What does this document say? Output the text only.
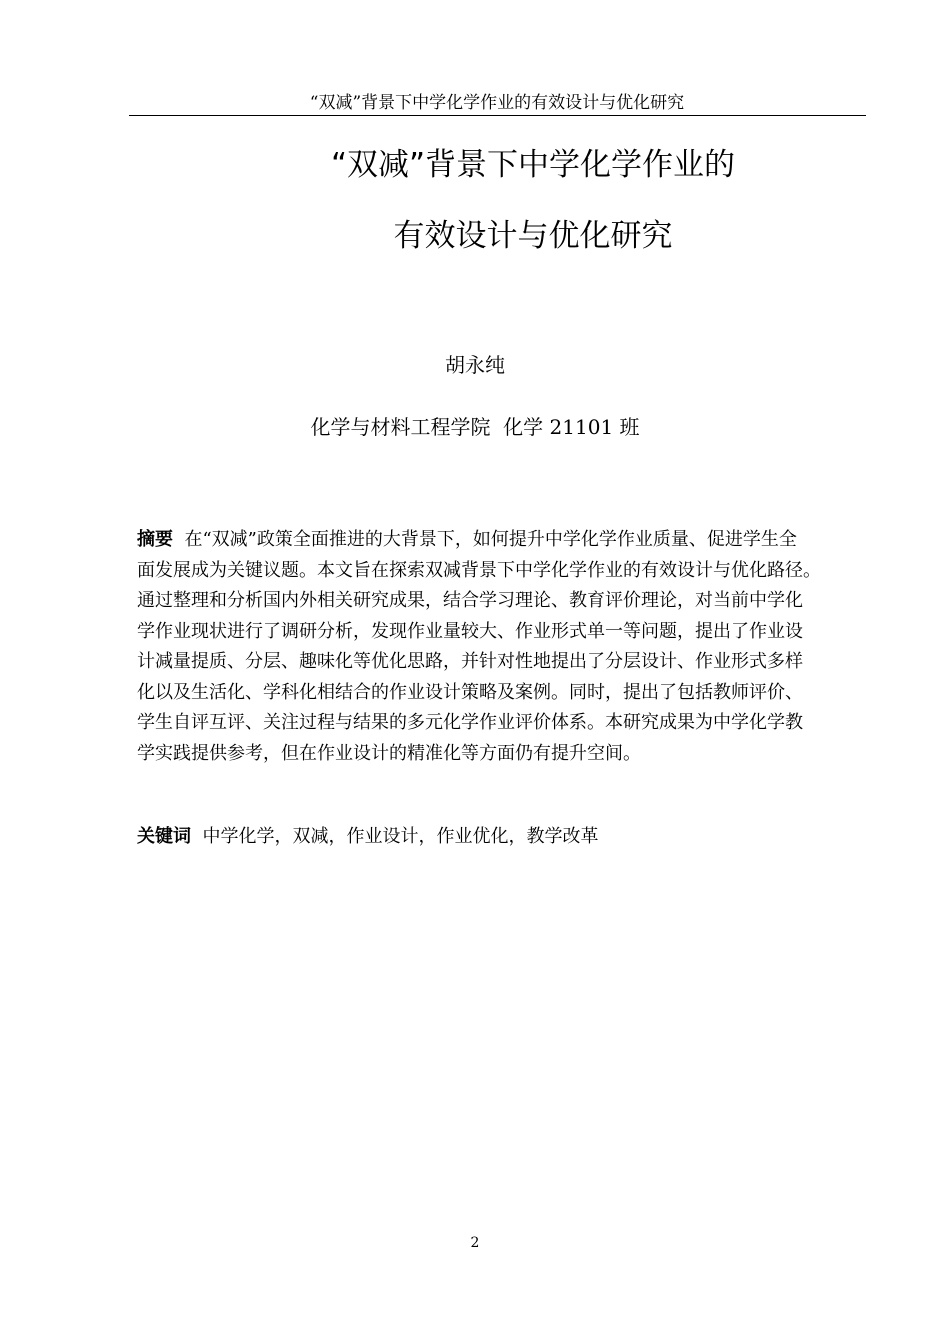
“双减”背景下中学化学作业的有效设计与优化研究
“双减”背景下中学化学作业的
有效设计与优化研究
胡永纯
化学与材料工程学院  化学 21101 班
摘要 在“双减”政策全面推进的大背景下，如何提升中学化学作业质量、促进学生全
面发展成为关键议题。本文旨在探索双减背景下中学化学作业的有效设计与优化路径。
通过整理和分析国内外相关研究成果，结合学习理论、教育评价理论，对当前中学化
学作业现状进行了调研分析，发现作业量较大、作业形式单一等问题，提出了作业设
计减量提质、分层、趣味化等优化思路，并针对性地提出了分层设计、作业形式多样
化以及生活化、学科化相结合的作业设计策略及案例。同时，提出了包括教师评价、
学生自评互评、关注过程与结果的多元化学作业评价体系。本研究成果为中学化学教
学实践提供参考，但在作业设计的精准化等方面仍有提升空间。
关键词 中学化学，双减，作业设计，作业优化，教学改革
2
